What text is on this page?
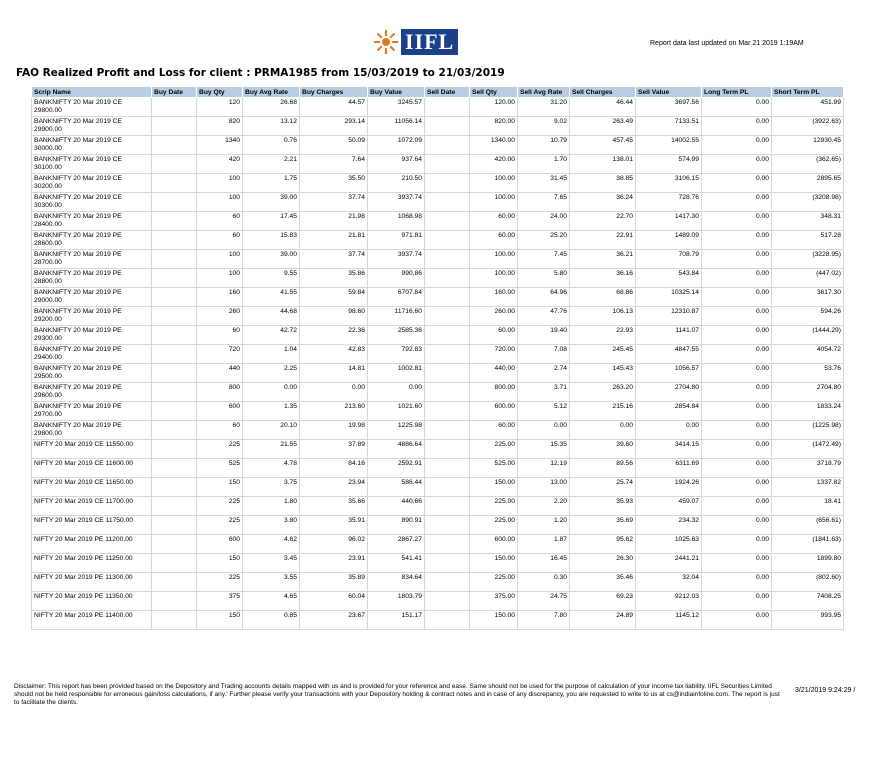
IIFL	Report data last updated on Mar 21 2019 1:19AM
FAO Realized Profit and Loss for client : PRMA1985 from 15/03/2019 to 21/03/2019
Scrip Name	Buy Date	Buy Qty	Buy Avg Rate	Buy Charges	Buy Value	Sell Date	Sell Qty	Sell Avg Rate	Sell Charges	Sell Value	Long Term PL	Short Term PL
BANKNIFTY 20 Mar 2019 CE 29800.00		120	26.68	44.57	3245.57		120.00	31.20	46.44	3697.56	0.00	451.99
BANKNIFTY 20 Mar 2019 CE 29900.00		820	13.12	293.14	11056.14		820.00	9.02	263.49	7133.51	0.00	(3922.63)
BANKNIFTY 20 Mar 2019 CE 30000.00		1340	0.76	50.09	1072.09		1340.00	10.79	457.45	14002.55	0.00	12930.45
BANKNIFTY 20 Mar 2019 CE 30100.00		420	2.21	7.64	937.64		420.00	1.70	138.01	574.99	0.00	(362.65)
BANKNIFTY 20 Mar 2019 CE 30200.00		100	1.75	35.50	210.50		100.00	31.45	38.85	3106.15	0.00	2895.65
BANKNIFTY 20 Mar 2019 CE 30300.00		100	39.00	37.74	3937.74		100.00	7.65	36.24	728.76	0.00	(3208.98)
BANKNIFTY 20 Mar 2019 PE 28400.00		60	17.45	21.98	1068.98		60.00	24.00	22.70	1417.30	0.00	348.31
BANKNIFTY 20 Mar 2019 PE 28600.00		60	15.83	21.81	971.81		60.00	25.20	22.91	1489.09	0.00	517.28
BANKNIFTY 20 Mar 2019 PE 28700.00		100	39.00	37.74	3937.74		100.00	7.45	36.21	708.79	0.00	(3228.95)
BANKNIFTY 20 Mar 2019 PE 28800.00		100	9.55	35.86	990.86		100.00	5.80	36.16	543.84	0.00	(447.02)
BANKNIFTY 20 Mar 2019 PE 29000.00		160	41.55	59.84	6707.84		160.00	64.96	68.86	10325.14	0.00	3617.30
BANKNIFTY 20 Mar 2019 PE 29200.00		260	44.68	98.60	11716.60		260.00	47.76	106.13	12310.87	0.00	594.26
BANKNIFTY 20 Mar 2019 PE 29300.00		60	42.72	22.36	2585.36		60.00	19.40	22.93	1141.07	0.00	(1444.29)
BANKNIFTY 20 Mar 2019 PE 29400.00		720	1.04	42.83	792.83		720.00	7.08	245.45	4847.55	0.00	4054.72
BANKNIFTY 20 Mar 2019 PE 29500.00		440	2.25	14.81	1002.81		440.00	2.74	145.43	1056.57	0.00	53.76
BANKNIFTY 20 Mar 2019 PE 29600.00		800	0.00	0.00	0.00		800.00	3.71	263.20	2704.80	0.00	2704.80
BANKNIFTY 20 Mar 2019 PE 29700.00		600	1.35	213.60	1021.60		600.00	5.12	215.16	2854.84	0.00	1833.24
BANKNIFTY 20 Mar 2019 PE 29800.00		60	20.10	19.98	1225.98		60.00	0.00	0.00	0.00	0.00	(1225.98)
NIFTY 20 Mar 2019 CE 11550.00		225	21.55	37.89	4886.64		225.00	15.35	39.60	3414.15	0.00	(1472.49)
NIFTY 20 Mar 2019 CE 11600.00		525	4.78	84.16	2592.91		525.00	12.19	89.56	6311.69	0.00	3718.79
NIFTY 20 Mar 2019 CE 11650.00		150	3.75	23.94	586.44		150.00	13.00	25.74	1924.26	0.00	1337.82
NIFTY 20 Mar 2019 CE 11700.00		225	1.80	35.66	440.66		225.00	2.20	35.93	459.07	0.00	18.41
NIFTY 20 Mar 2019 CE 11750.00		225	3.80	35.91	890.91		225.00	1.20	35.69	234.32	0.00	(656.61)
NIFTY 20 Mar 2019 PE 11200.00		600	4.62	96.02	2867.27		600.00	1.87	95.62	1025.63	0.00	(1841.63)
NIFTY 20 Mar 2019 PE 11250.00		150	3.45	23.91	541.41		150.00	16.45	26.30	2441.21	0.00	1899.80
NIFTY 20 Mar 2019 PE 11300.00		225	3.55	35.89	834.64		225.00	0.30	35.46	32.04	0.00	(802.60)
NIFTY 20 Mar 2019 PE 11350.00		375	4.65	60.04	1803.79		375.00	24.75	69.23	9212.03	0.00	7408.25
NIFTY 20 Mar 2019 PE 11400.00		150	0.85	23.67	151.17		150.00	7.80	24.89	1145.12	0.00	993.95
Disclaimer: This report has been provided based on the Depository and Trading accounts details mapped with us and is provided for your reference and ease. Same should not be used for the purpose of calculation of your income tax liability. IIFL Securities Limited should not be held responsible for erroneous gain/loss calculations, if any.' Further please verify your transactions with your Depository holding & contract notes and in case of any discrepancy, you are requested to write to us at cs@indiainfoline.com. The report is just to facilitate the clients.
3/21/2019 9:24:29 /
